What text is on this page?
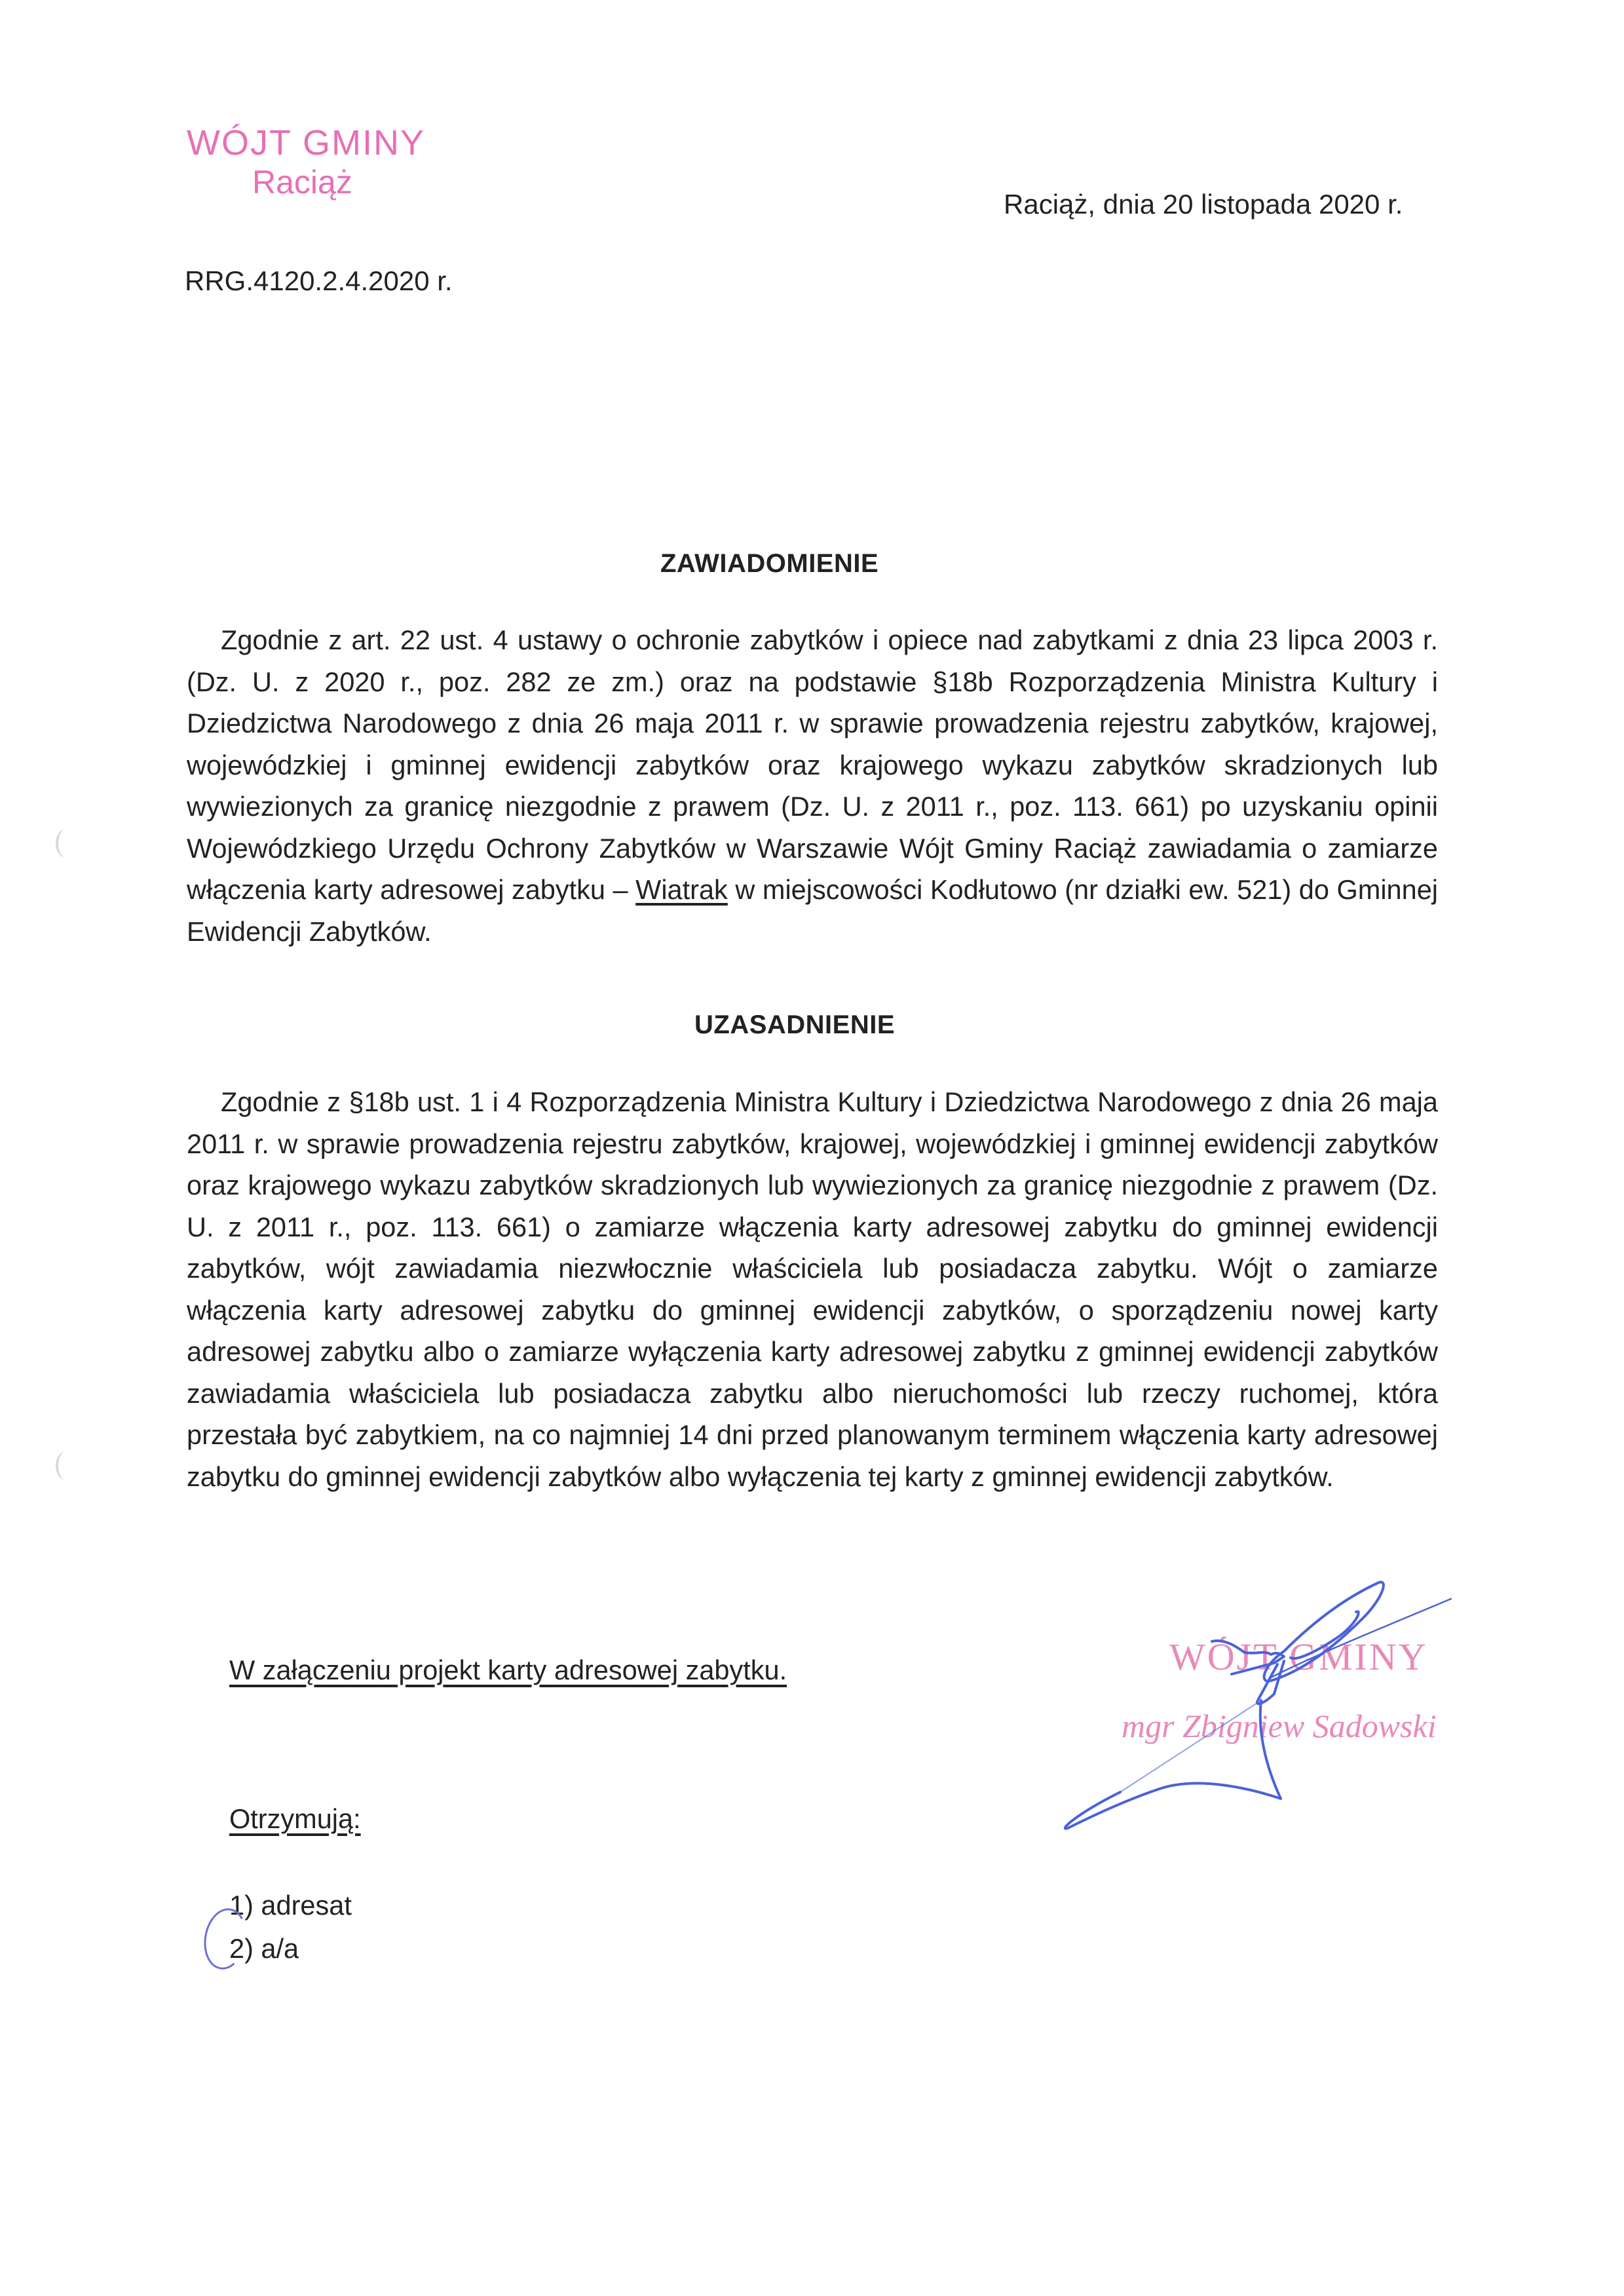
WÓJT GMINY
Raciąż
Raciąż, dnia 20 listopada 2020 r.
RRG.4120.2.4.2020 r.
ZAWIADOMIENIE
Zgodnie z art. 22 ust. 4 ustawy o ochronie zabytków i opiece nad zabytkami z dnia 23 lipca 2003 r. (Dz. U. z 2020 r., poz. 282 ze zm.) oraz na podstawie §18b Rozporządzenia Ministra Kultury i Dziedzictwa Narodowego z dnia 26 maja 2011 r. w sprawie prowadzenia rejestru zabytków, krajowej, wojewódzkiej i gminnej ewidencji zabytków oraz krajowego wykazu zabytków skradzionych lub wywiezionych za granicę niezgodnie z prawem (Dz. U. z 2011 r., poz. 113. 661) po uzyskaniu opinii Wojewódzkiego Urzędu Ochrony Zabytków w Warszawie Wójt Gminy Raciąż zawiadamia o zamiarze włączenia karty adresowej zabytku – Wiatrak w miejscowości Kodłutowo (nr działki ew. 521) do Gminnej Ewidencji Zabytków.
UZASADNIENIE
Zgodnie z §18b ust. 1 i 4 Rozporządzenia Ministra Kultury i Dziedzictwa Narodowego z dnia 26 maja 2011 r. w sprawie prowadzenia rejestru zabytków, krajowej, wojewódzkiej i gminnej ewidencji zabytków oraz krajowego wykazu zabytków skradzionych lub wywiezionych za granicę niezgodnie z prawem (Dz. U. z 2011 r., poz. 113. 661) o zamiarze włączenia karty adresowej zabytku do gminnej ewidencji zabytków, wójt zawiadamia niezwłocznie właściciela lub posiadacza zabytku. Wójt o zamiarze włączenia karty adresowej zabytku do gminnej ewidencji zabytków, o sporządzeniu nowej karty adresowej zabytku albo o zamiarze wyłączenia karty adresowej zabytku z gminnej ewidencji zabytków zawiadamia właściciela lub posiadacza zabytku albo nieruchomości lub rzeczy ruchomej, która przestała być zabytkiem, na co najmniej 14 dni przed planowanym terminem włączenia karty adresowej zabytku do gminnej ewidencji zabytków albo wyłączenia tej karty z gminnej ewidencji zabytków.
W załączeniu projekt karty adresowej zabytku.	WÓJT GMINY
mgr Zbigniew Sadowski
Otrzymują:
1) adresat
2) a/a
